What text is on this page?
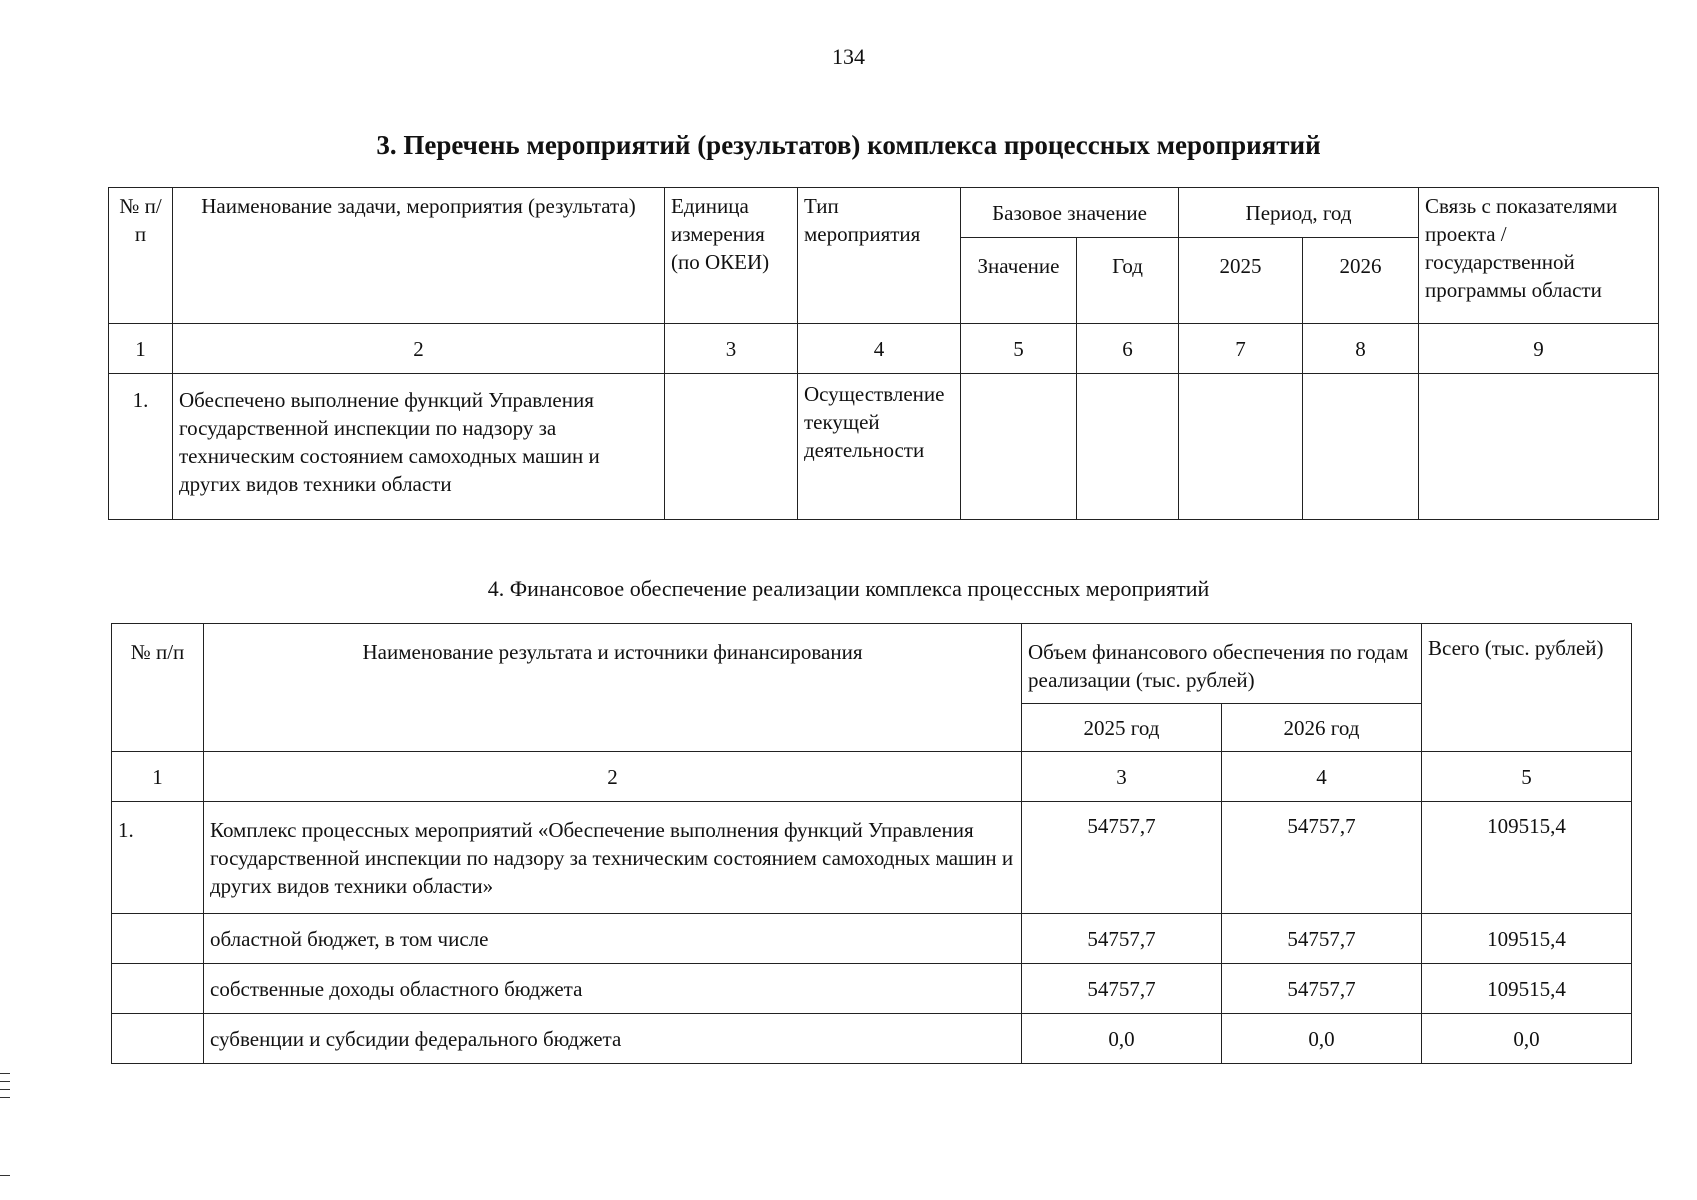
134
3. Перечень мероприятий (результатов) комплекса процессных мероприятий
№ п/п	Наименование задачи, мероприятия (результата)	Единица измерения (по ОКЕИ)	Тип мероприятия	Базовое значение		Период, год		Связь с показателями проекта / государственной программы области
				Значение	Год	2025	2026	
1	2	3	4	5	6	7	8	9
1.	Обеспечено выполнение функций Управления государственной инспекции по надзору за техническим состоянием самоходных машин и других видов техники области		Осуществление текущей деятельности					
4. Финансовое обеспечение реализации комплекса процессных мероприятий
№ п/п	Наименование результата и источники финансирования	Объем финансового обеспечения по годам реализации (тыс. рублей)		Всего (тыс. рублей)
		2025 год	2026 год	
1	2	3	4	5
1.	Комплекс процессных мероприятий «Обеспечение выполнения функций Управления государственной инспекции по надзору за техническим состоянием самоходных машин и других видов техники области»	54757,7	54757,7	109515,4
	областной бюджет, в том числе	54757,7	54757,7	109515,4
	собственные доходы областного бюджета	54757,7	54757,7	109515,4
	субвенции и субсидии федерального бюджета	0,0	0,0	0,0
